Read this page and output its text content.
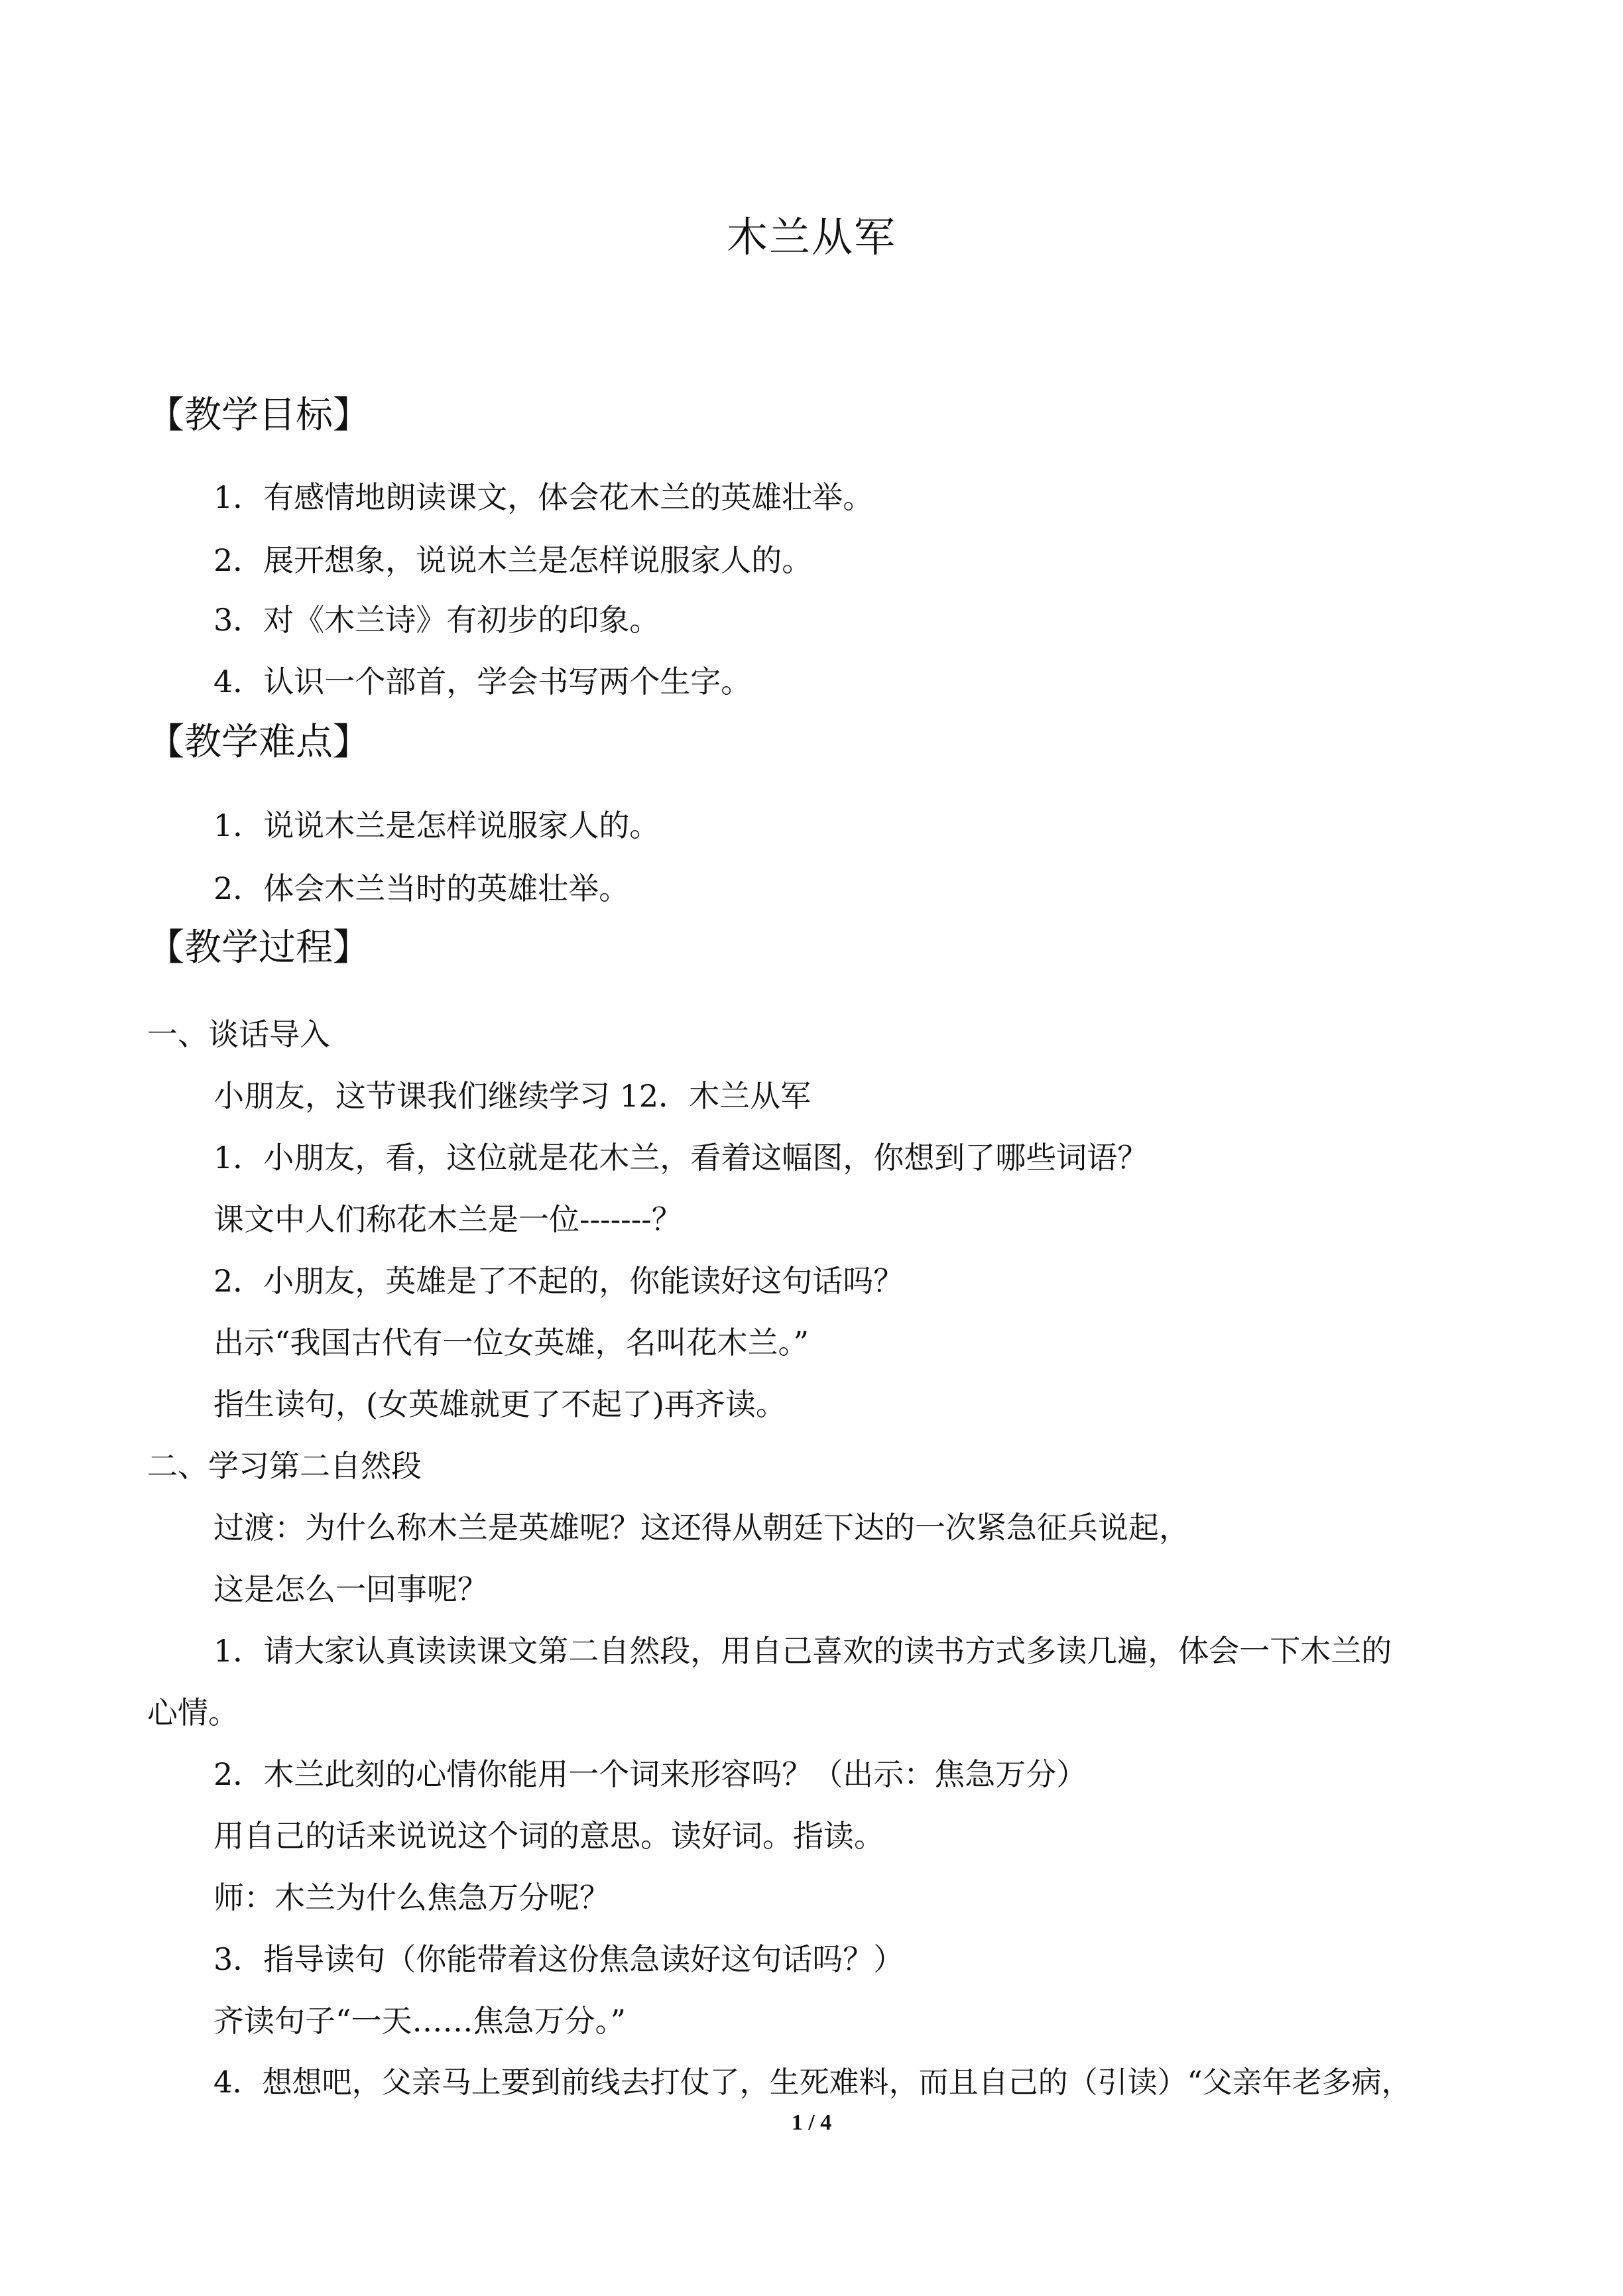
木兰从军
【教学目标】
1．有感情地朗读课文，体会花木兰的英雄壮举。
2．展开想象，说说木兰是怎样说服家人的。
3．对《木兰诗》有初步的印象。
4．认识一个部首，学会书写两个生字。
【教学难点】
1．说说木兰是怎样说服家人的。
2．体会木兰当时的英雄壮举。
【教学过程】
一、谈话导入
小朋友，这节课我们继续学习 12．木兰从军
1．小朋友，看，这位就是花木兰，看着这幅图，你想到了哪些词语？
课文中人们称花木兰是一位-------？
2．小朋友，英雄是了不起的，你能读好这句话吗？
出示“我国古代有一位女英雄，名叫花木兰。”
指生读句，(女英雄就更了不起了)再齐读。
二、学习第二自然段
过渡：为什么称木兰是英雄呢？这还得从朝廷下达的一次紧急征兵说起，
这是怎么一回事呢？
1．请大家认真读读课文第二自然段，用自己喜欢的读书方式多读几遍，体会一下木兰的
心情。
2．木兰此刻的心情你能用一个词来形容吗？（出示：焦急万分）
用自己的话来说说这个词的意思。读好词。指读。
师：木兰为什么焦急万分呢？
3．指导读句（你能带着这份焦急读好这句话吗？）
齐读句子“一天……焦急万分。”
4．想想吧，父亲马上要到前线去打仗了，生死难料，而且自己的（引读）“父亲年老多病，
1 / 4
